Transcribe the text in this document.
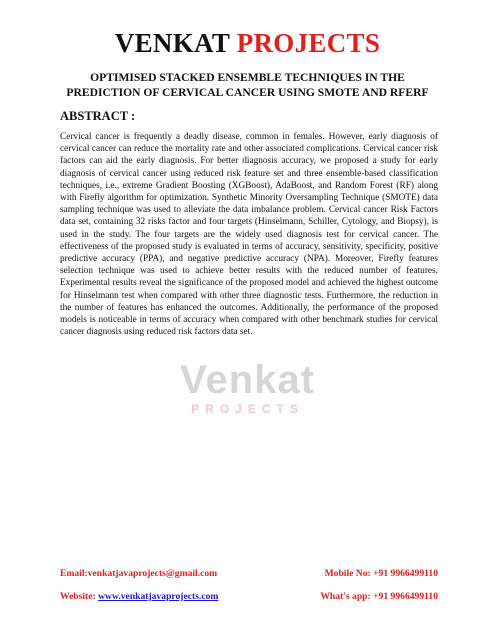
VENKAT PROJECTS
OPTIMISED STACKED ENSEMBLE TECHNIQUES IN THE
PREDICTION OF CERVICAL CANCER USING SMOTE AND RFERF
ABSTRACT :
Cervical cancer is frequently a deadly disease, common in females. However, early diagnosis of cervical cancer can reduce the mortality rate and other associated complications. Cervical cancer risk factors can aid the early diagnosis. For better diagnosis accuracy, we proposed a study for early diagnosis of cervical cancer using reduced risk feature set and three ensemble-based classification techniques, i.e., extreme Gradient Boosting (XGBoost), AdaBoost, and Random Forest (RF) along with Firefly algorithm for optimization. Synthetic Minority Oversampling Technique (SMOTE) data sampling technique was used to alleviate the data imbalance problem. Cervical cancer Risk Factors data set, containing 32 risks factor and four targets (Hinselmann, Schiller, Cytology, and Biopsy), is used in the study. The four targets are the widely used diagnosis test for cervical cancer. The effectiveness of the proposed study is evaluated in terms of accuracy, sensitivity, specificity, positive predictive accuracy (PPA), and negative predictive accuracy (NPA). Moreover, Firefly features selection technique was used to achieve better results with the reduced number of features. Experimental results reveal the significance of the proposed model and achieved the highest outcome for Hinselmann test when compared with other three diagnostic tests. Furthermore, the reduction in the number of features has enhanced the outcomes. Additionally, the performance of the proposed models is noticeable in terms of accuracy when compared with other benchmark studies for cervical cancer diagnosis using reduced risk factors data set.
Venkat
PROJECTS
Email:venkatjavaprojects@gmail.com	Mobile No: +91 9966499110
Website: www.venkatjavaprojects.com	What's app: +91 9966499110
